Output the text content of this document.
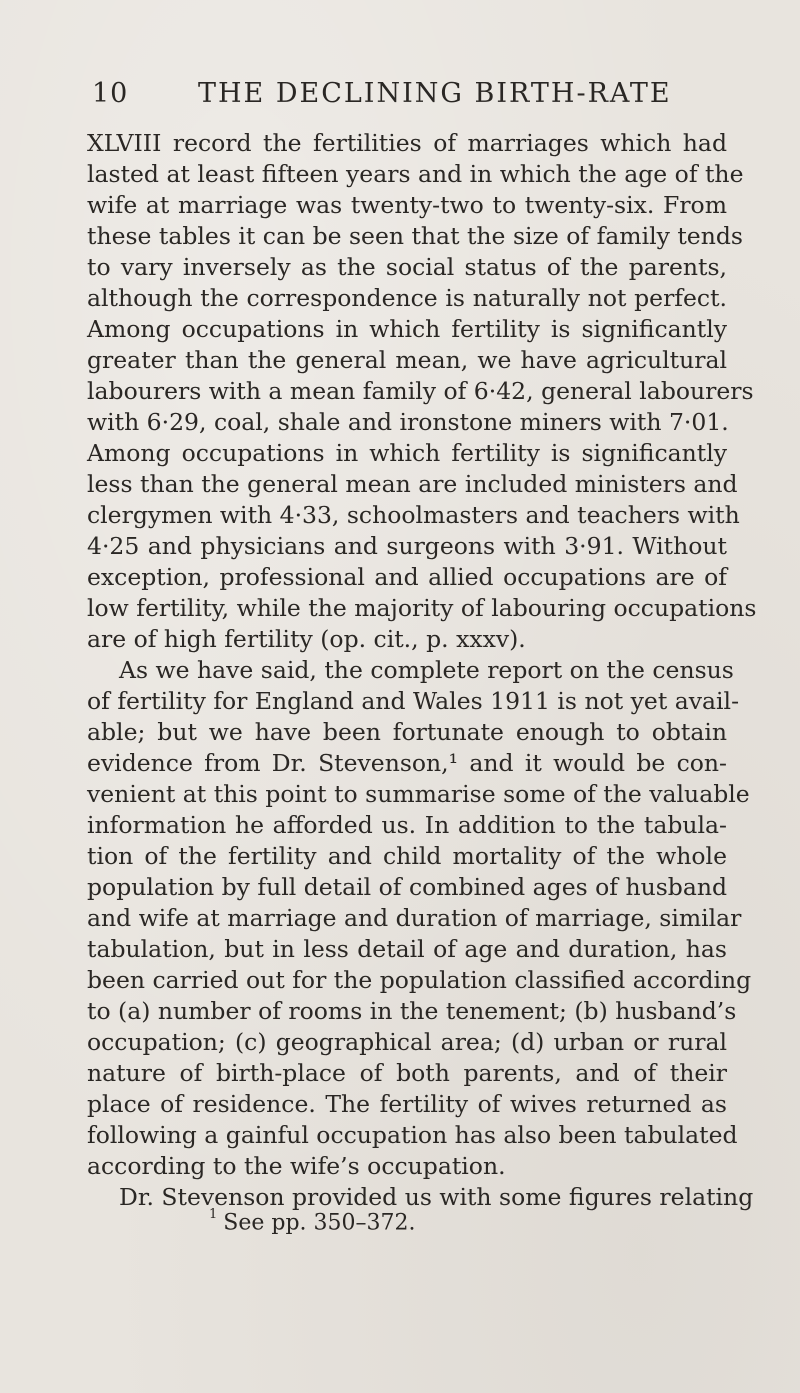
10	THE DECLINING BIRTH-RATE
XLVIII record the fertilities of marriages which had
lasted at least fifteen years and in which the age of the
wife at marriage was twenty-two to twenty-six. From
these tables it can be seen that the size of family tends
to vary inversely as the social status of the parents,
although the correspondence is naturally not perfect.
Among occupations in which fertility is significantly
greater than the general mean, we have agricultural
labourers with a mean family of 6·42, general labourers
with 6·29, coal, shale and ironstone miners with 7·01.
Among occupations in which fertility is significantly
less than the general mean are included ministers and
clergymen with 4·33, schoolmasters and teachers with
4·25 and physicians and surgeons with 3·91. Without
exception, professional and allied occupations are of
low fertility, while the majority of labouring occupations
are of high fertility (op. cit., p. xxxv).
As we have said, the complete report on the census
of fertility for England and Wales 1911 is not yet avail-
able; but we have been fortunate enough to obtain
evidence from Dr. Stevenson,¹ and it would be con-
venient at this point to summarise some of the valuable
information he afforded us. In addition to the tabula-
tion of the fertility and child mortality of the whole
population by full detail of combined ages of husband
and wife at marriage and duration of marriage, similar
tabulation, but in less detail of age and duration, has
been carried out for the population classified according
to (a) number of rooms in the tenement; (b) husband’s
occupation; (c) geographical area; (d) urban or rural
nature of birth-place of both parents, and of their
place of residence. The fertility of wives returned as
following a gainful occupation has also been tabulated
according to the wife’s occupation.
Dr. Stevenson provided us with some figures relating
$^1$ See pp. 350–372.
